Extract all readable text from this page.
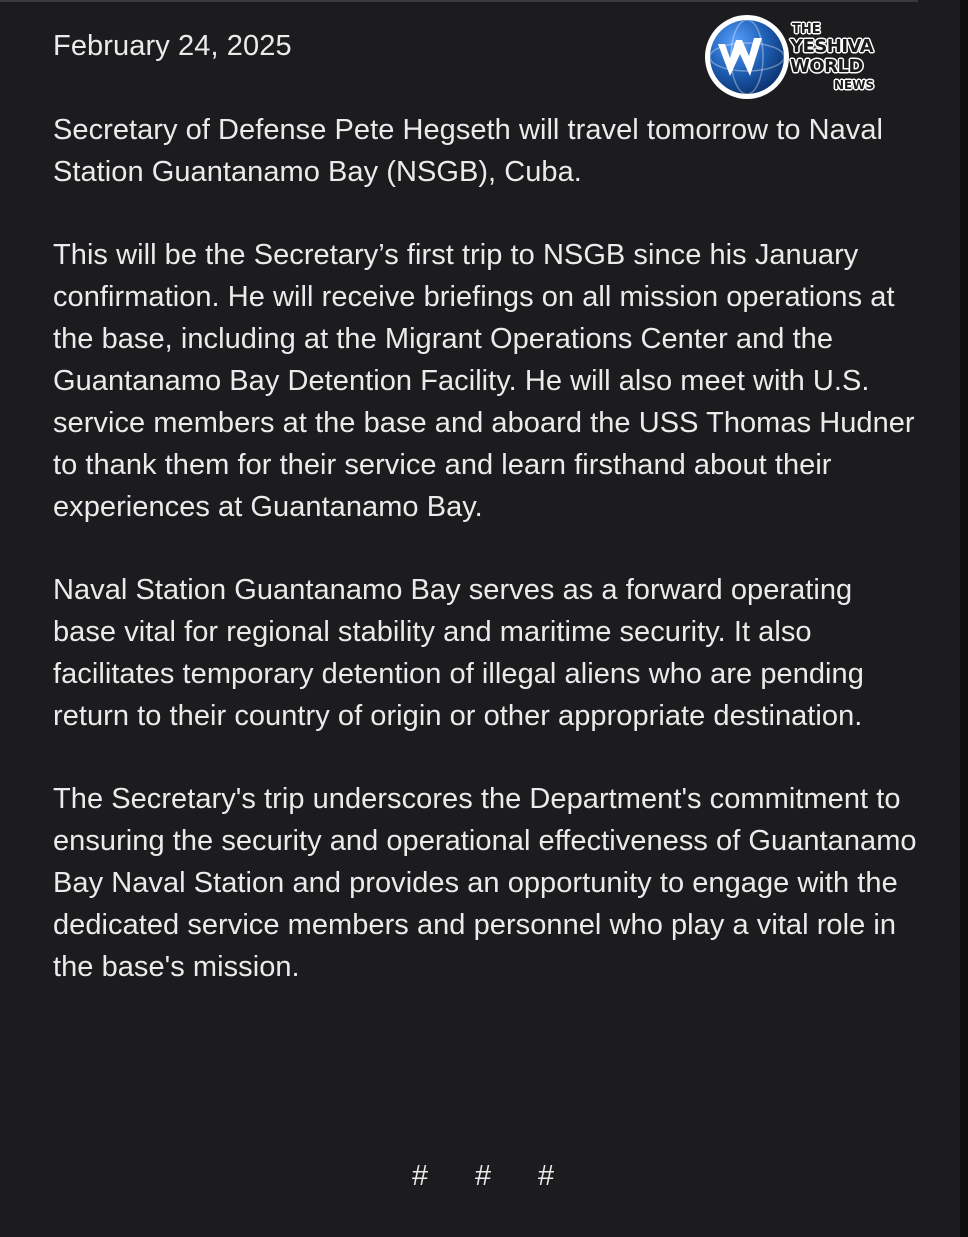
February 24, 2025
THE
YESHIVA
WORLD
NEWS

Secretary of Defense Pete Hegseth will travel tomorrow to Naval Station Guantanamo Bay (NSGB), Cuba.

This will be the Secretary’s first trip to NSGB since his January confirmation. He will receive briefings on all mission operations at the base, including at the Migrant Operations Center and the Guantanamo Bay Detention Facility. He will also meet with U.S. service members at the base and aboard the USS Thomas Hudner to thank them for their service and learn firsthand about their experiences at Guantanamo Bay.

Naval Station Guantanamo Bay serves as a forward operating base vital for regional stability and maritime security. It also facilitates temporary detention of illegal aliens who are pending return to their country of origin or other appropriate destination.

The Secretary's trip underscores the Department's commitment to ensuring the security and operational effectiveness of Guantanamo Bay Naval Station and provides an opportunity to engage with the dedicated service members and personnel who play a vital role in the base's mission.

# # #
